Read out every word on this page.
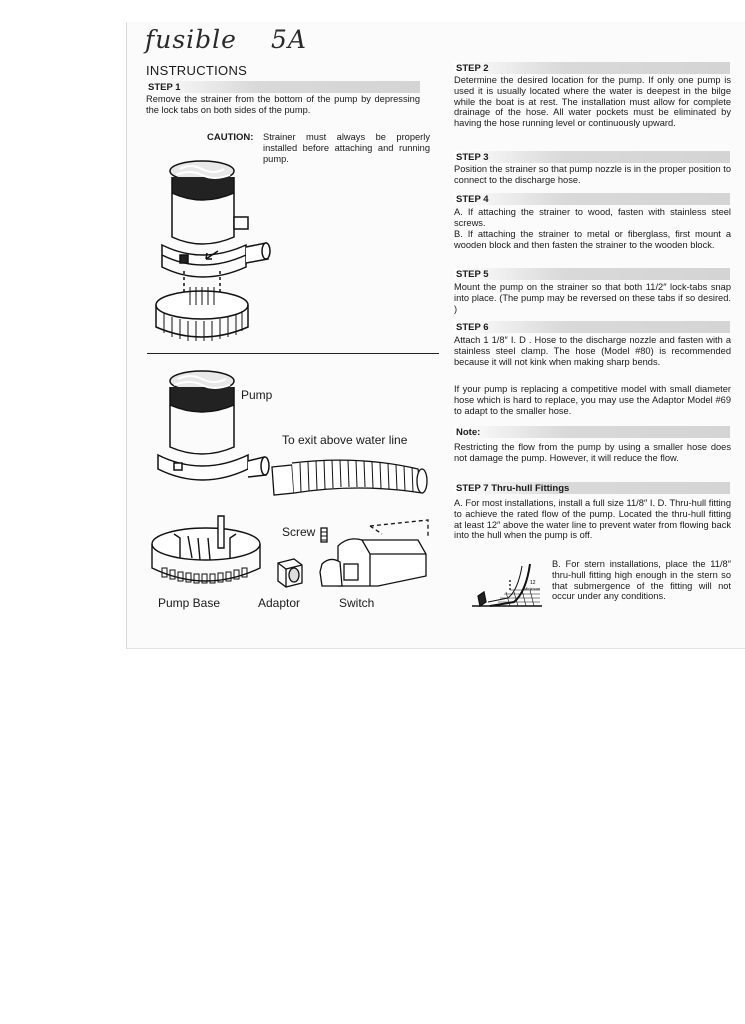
fusible 5A
INSTRUCTIONS
STEP 1
Remove the strainer from the bottom of the pump by depressing the lock tabs on both sides of the pump.
CAUTION: Strainer must always be properly installed before attaching and running pump.
Pump
To exit above water line
Pump Base	Adaptor
Screw
Switch
STEP 2
Determine the desired location for the pump. If only one pump is used it is usually located where the water is deepest in the bilge while the boat is at rest. The installation must allow for complete drainage of the hose. All water pockets must be eliminated by having the hose running level or continuously upward.
STEP 3
Position the strainer so that pump nozzle is in the proper position to connect to the discharge hose.
STEP 4
A. If attaching the strainer to wood, fasten with stainless steel screws.
B. If attaching the strainer to metal or fiberglass, first mount a wooden block and then fasten the strainer to the wooden block.
STEP 5
Mount the pump on the strainer so that both 11/2″ lock-tabs snap into place. (The pump may be reversed on these tabs if so desired. )
STEP 6
Attach 1 1/8″ I. D . Hose to the discharge nozzle and fasten with a stainless steel clamp. The hose (Model #80) is recommended because it will not kink when making sharp bends.
If your pump is replacing a competitive model with small diameter hose which is hard to replace, you may use the Adaptor Model #69 to adapt to the smaller hose.
Note:
Restricting the flow from the pump by using a smaller hose does not damage the pump. However, it will reduce the flow.
STEP 7 Thru-hull Fittings
A. For most installations, install a full size 11/8″ I. D. Thru-hull fitting to achieve the rated flow of the pump. Located the thru-hull fitting at least 12″ above the water line to prevent water from flowing back into the hull when the pump is off.
12
Minimum
B. For stern installations, place the 11/8″ thru-hull fitting high enough in the stern so that submergence of the fitting will not occur under any conditions.
